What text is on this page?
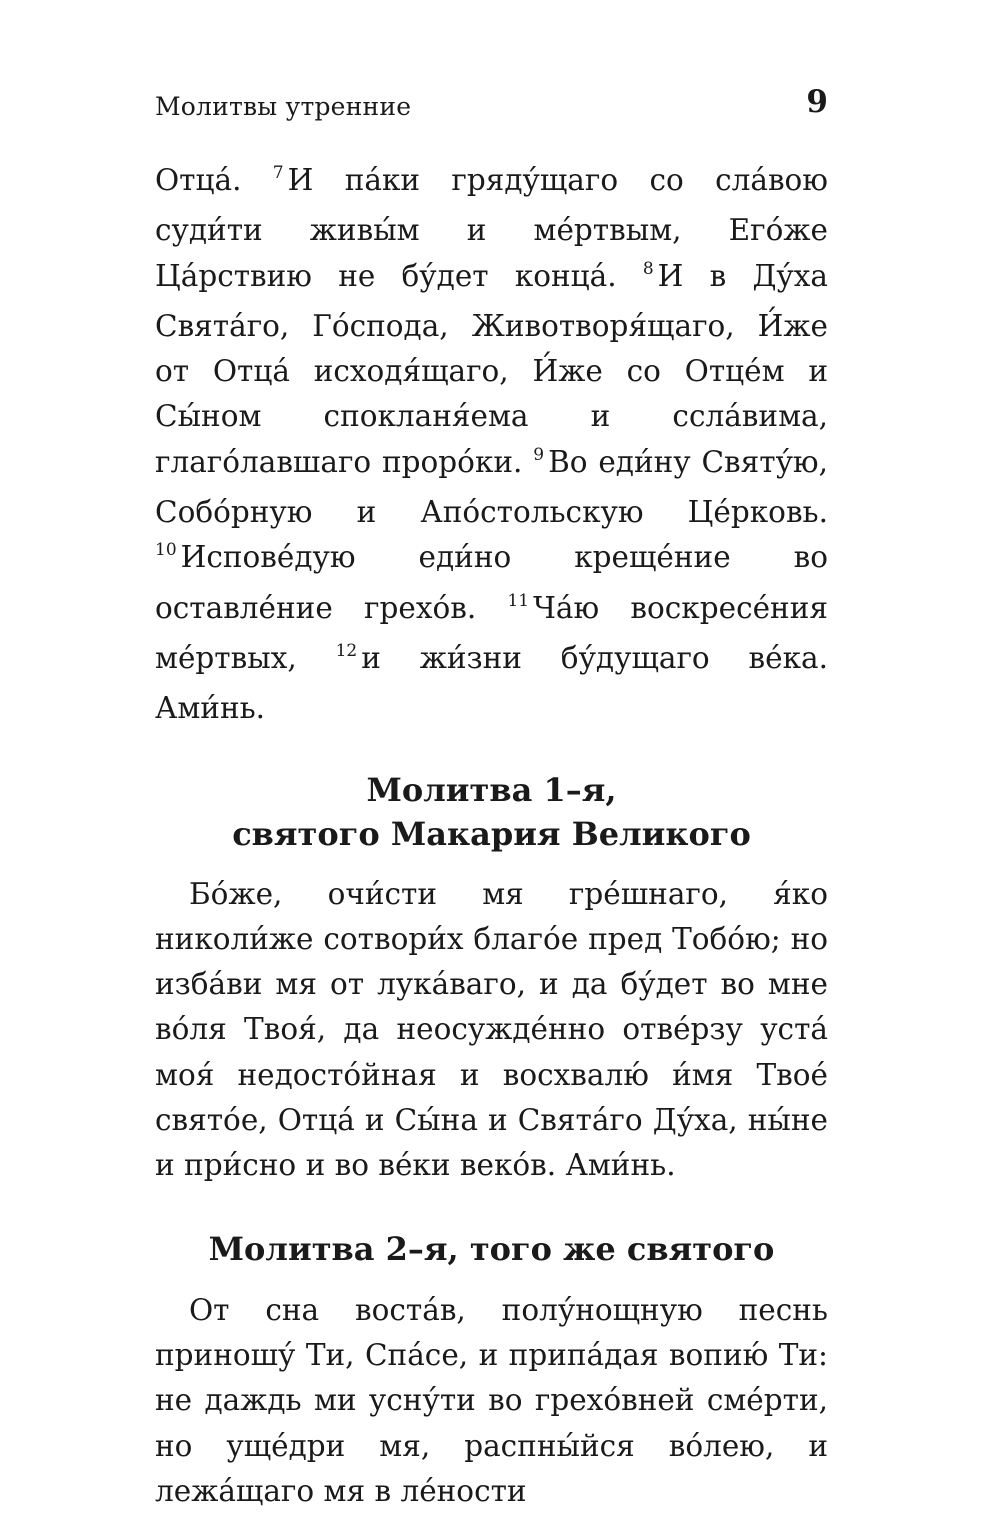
Молитвы утренние	9

Отца́. $^7$ И па́ки гряду́щаго со сла́вою суди́ти живы́м и ме́ртвым, Его́же Ца́рствию не бу́дет конца́. $^8$ И в Ду́ха Свята́го, Го́спода, Животворя́щаго, И́же от Отца́ исходя́щаго, И́же со Отце́м и Сы́ном спокланя́ема и ссла́вима, глаго́лавшаго проро́ки. $^9$ Во еди́ну Святу́ю, Собо́рную и Апо́стольскую Це́рковь. $^{10}$ Испове́дую еди́но креще́ние во оставле́ние грехо́в. $^{11}$ Ча́ю воскресе́ния ме́ртвых, $^{12}$ и жи́зни бу́дущаго ве́ка. Ами́нь.

Молитва 1–я,
святого Макария Великого

Бо́же, очи́сти мя гре́шнаго, я́ко николи́же сотвори́х благо́е пред Тобо́ю; но изба́ви мя от лука́ваго, и да бу́дет во мне во́ля Твоя́, да неосужде́нно отве́рзу уста́ моя́ недосто́йная и восхвалю́ и́мя Твое́ свято́е, Отца́ и Сы́на и Свята́го Ду́ха, ны́не и при́сно и во ве́ки веко́в. Ами́нь.

Молитва 2–я, того же святого

От сна воста́в, полу́нощную песнь приношу́ Ти, Спа́се, и припа́дая вопию́ Ти: не даждь ми усну́ти во грехо́вней сме́рти, но уще́дри мя, распны́йся во́лею, и лежа́щаго мя в ле́ности
